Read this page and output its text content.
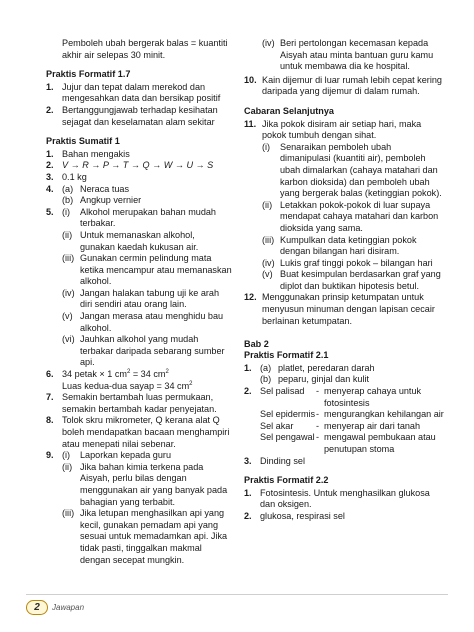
Pemboleh ubah bergerak balas = kuantiti akhir air selepas 30 minit.
Praktis Formatif 1.7
1. Jujur dan tepat dalam merekod dan mengesahkan data dan bersikap positif
2. Bertanggungjawab terhadap kesihatan sejagat dan keselamatan alam sekitar
Praktis Sumatif 1
1. Bahan mengakis
2. V → R → P → T → Q → W → U → S
3. 0.1 kg
4. (a) Neraca tuas
(b) Angkup vernier
5. (i)	Alkohol merupakan bahan mudah terbakar.
(ii) Untuk memanaskan alkohol, gunakan kaedah kukusan air.
(iii) Gunakan cermin pelindung mata ketika mencampur atau memanaskan alkohol.
(iv) Jangan halakan tabung uji ke arah diri sendiri atau orang lain.
(v) Jangan merasa atau menghidu bau alkohol.
(vi) Jauhkan alkohol yang mudah terbakar daripada sebarang sumber api.
6. 34 petak × 1 $cm^2 = 34$ $cm^2$
Luas kedua-dua sayap = 34 $cm^2$
7. Semakin bertambah luas permukaan, semakin bertambah kadar penyejatan.
8. Tolok skru mikrometer, Q kerana alat Q boleh mendapatkan bacaan menghampiri atau menepati nilai sebenar.
9. (i)	Laporkan kepada guru
(ii) Jika bahan kimia terkena pada Aisyah, perlu bilas dengan menggunakan air yang banyak pada bahagian yang terbabit.
(iii) Jika letupan menghasilkan api yang kecil, gunakan pemadam api yang sesuai untuk memadamkan api. Jika tidak pasti, tinggalkan makmal dengan secepat mungkin.
(iv) Beri pertolongan kecemasan kepada Aisyah atau minta bantuan guru kamu untuk membawa dia ke hospital.
10. Kain dijemur di luar rumah lebih cepat kering daripada yang dijemur di dalam rumah.
Cabaran Selanjutnya
11. Jika pokok disiram air setiap hari, maka pokok tumbuh dengan sihat.
(i)	Senaraikan pemboleh ubah dimanipulasi (kuantiti air), pemboleh ubah dimalarkan (cahaya matahari dan karbon dioksida) dan pemboleh ubah yang bergerak balas (ketinggian pokok).
(ii) Letakkan pokok-pokok di luar supaya mendapat cahaya matahari dan karbon dioksida yang sama.
(iii) Kumpulkan data ketinggian pokok dengan bilangan hari disiram.
(iv) Lukis graf tinggi pokok – bilangan hari
(v) Buat kesimpulan berdasarkan graf yang diplot dan buktikan hipotesis betul.
12. Menggunakan prinsip ketumpatan untuk menyusun minuman dengan lapisan cecair berlainan ketumpatan.
Bab 2
Praktis Formatif 2.1
1. (a) platlet, peredaran darah
(b) peparu, ginjal dan kulit
2. Sel palisad	- menyerap cahaya untuk fotosintesis
Sel epidermis - mengurangkan kehilangan air
Sel akar	- menyerap air dari tanah
Sel pengawal - mengawal pembukaan atau penutupan stoma
3. Dinding sel
Praktis Formatif 2.2
1. Fotosintesis. Untuk menghasilkan glukosa dan oksigen.
2. glukosa, respirasi sel
2	Jawapan
